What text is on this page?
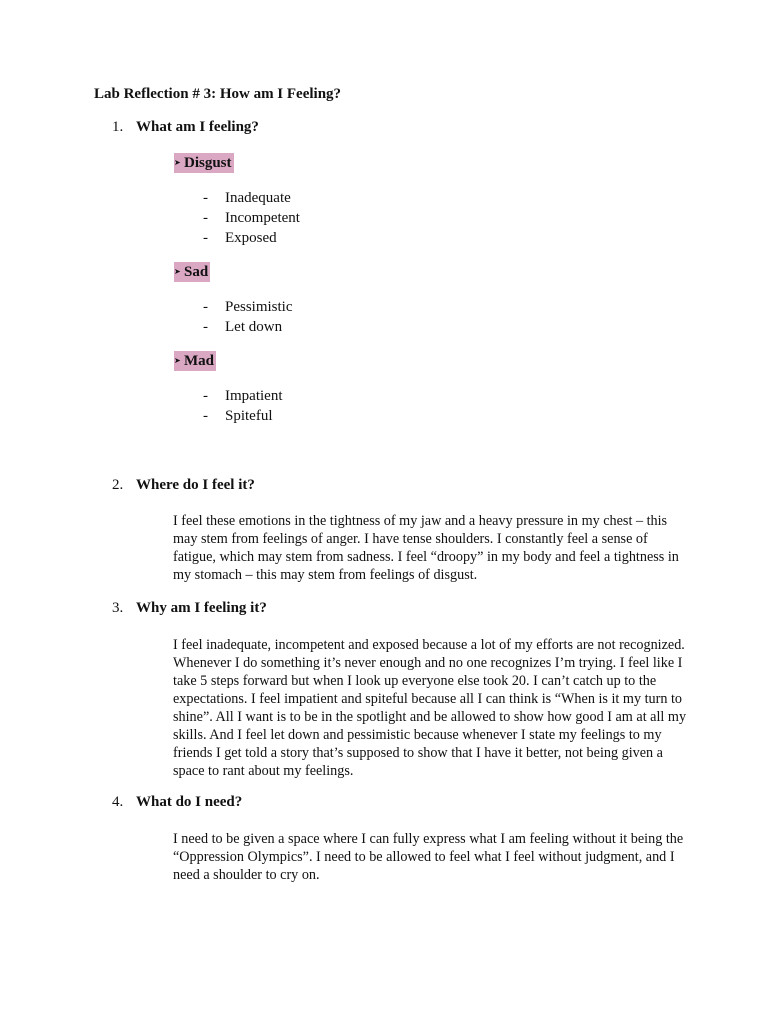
Lab Reflection # 3: How am I Feeling?
1. What am I feeling?
➤ Disgust
- Inadequate
- Incompetent
- Exposed
➤ Sad
- Pessimistic
- Let down
➤ Mad
- Impatient
- Spiteful
2. Where do I feel it?
I feel these emotions in the tightness of my jaw and a heavy pressure in my chest – this
may stem from feelings of anger. I have tense shoulders. I constantly feel a sense of
fatigue, which may stem from sadness. I feel “droopy” in my body and feel a tightness in
my stomach – this may stem from feelings of disgust.
3. Why am I feeling it?
I feel inadequate, incompetent and exposed because a lot of my efforts are not recognized.
Whenever I do something it’s never enough and no one recognizes I’m trying. I feel like I
take 5 steps forward but when I look up everyone else took 20. I can’t catch up to the
expectations. I feel impatient and spiteful because all I can think is “When is it my turn to
shine”. All I want is to be in the spotlight and be allowed to show how good I am at all my
skills. And I feel let down and pessimistic because whenever I state my feelings to my
friends I get told a story that’s supposed to show that I have it better, not being given a
space to rant about my feelings.
4. What do I need?
I need to be given a space where I can fully express what I am feeling without it being the
“Oppression Olympics”. I need to be allowed to feel what I feel without judgment, and I
need a shoulder to cry on.
